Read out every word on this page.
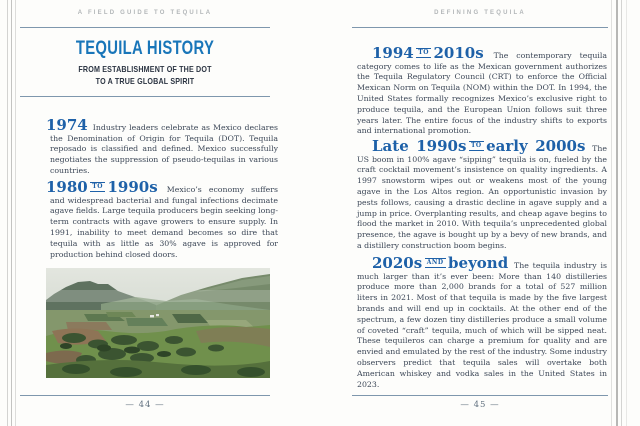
A FIELD GUIDE TO TEQUILA
TEQUILA HISTORY
FROM ESTABLISHMENT OF THE DOT
TO A TRUE GLOBAL SPIRIT

1974 Industry leaders celebrate as Mexico declares the Denomination of Origin for Tequila (DOT). Tequila reposado is classified and defined. Mexico successfully negotiates the suppression of pseudo-tequilas in various countries.

1980 TO 1990s Mexico’s economy suffers and widespread bacterial and fungal infections decimate agave fields. Large tequila producers begin seeking long-term contracts with agave growers to ensure supply. In 1991, inability to meet demand becomes so dire that tequila with as little as 30% agave is approved for production behind closed doors.

— 44 —
DEFINING TEQUILA

1994 TO 2010s The contemporary tequila category comes to life as the Mexican government authorizes the Tequila Regulatory Council (CRT) to enforce the Official Mexican Norm on Tequila (NOM) within the DOT. In 1994, the United States formally recognizes Mexico’s exclusive right to produce tequila, and the European Union follows suit three years later. The entire focus of the industry shifts to exports and international promotion.

Late 1990s TO early 2000s The US boom in 100% agave “sipping” tequila is on, fueled by the craft cocktail movement’s insistence on quality ingredients. A 1997 snowstorm wipes out or weakens most of the young agave in the Los Altos region. An opportunistic invasion by pests follows, causing a drastic decline in agave supply and a jump in price. Overplanting results, and cheap agave begins to flood the market in 2010. With tequila’s unprecedented global presence, the agave is bought up by a bevy of new brands, and a distillery construction boom begins.

2020s AND beyond The tequila industry is much larger than it’s ever been: More than 140 distilleries produce more than 2,000 brands for a total of 527 million liters in 2021. Most of that tequila is made by the five largest brands and will end up in cocktails. At the other end of the spectrum, a few dozen tiny distilleries produce a small volume of coveted “craft” tequila, much of which will be sipped neat. These tequileros can charge a premium for quality and are envied and emulated by the rest of the industry. Some industry observers predict that tequila sales will overtake both American whiskey and vodka sales in the United States in 2023.

— 45 —
